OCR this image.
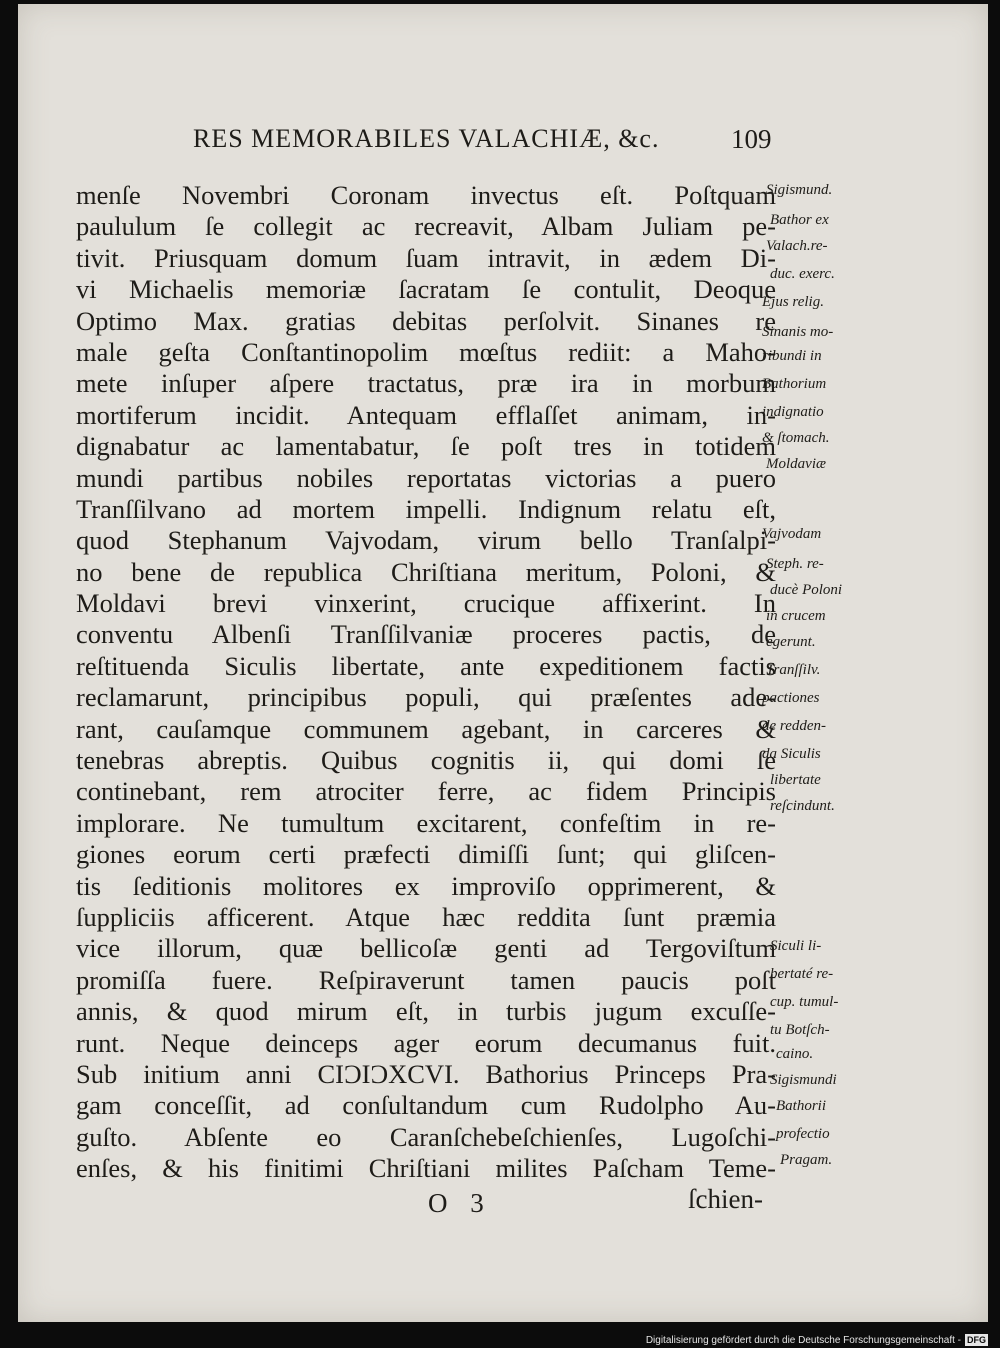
RES MEMORABILES VALACHIÆ, &c.	109
menſe Novembri Coronam invectus eſt. Poſtquam
paululum ſe collegit ac recreavit, Albam Juliam pe-
tivit. Priusquam domum ſuam intravit, in ædem Di-
vi Michaelis memoriæ ſacratam ſe contulit, Deoque
Optimo Max. gratias debitas perſolvit. Sinanes re
male geſta Conſtantinopolim mœſtus rediit: a Maho-
mete inſuper aſpere tractatus, præ ira in morbum
mortiferum incidit. Antequam efflaſſet animam, in-
dignabatur ac lamentabatur, ſe poſt tres in totidem
mundi partibus nobiles reportatas victorias a puero
Tranſſilvano ad mortem impelli. Indignum relatu eſt,
quod Stephanum Vajvodam, virum bello Tranſalpi-
no bene de republica Chriſtiana meritum, Poloni, &
Moldavi brevi vinxerint, crucique affixerint. In
conventu Albenſi Tranſſilvaniæ proceres pactis, de
reſtituenda Siculis libertate, ante expeditionem factis
reclamarunt, principibus populi, qui præſentes ade-
rant, cauſamque communem agebant, in carceres &
tenebras abreptis. Quibus cognitis ii, qui domi ſe
continebant, rem atrociter ferre, ac fidem Principis
implorare. Ne tumultum excitarent, confeſtim in re-
giones eorum certi præfecti dimiſſi ſunt; qui gliſcen-
tis ſeditionis molitores ex improviſo opprimerent, &
ſuppliciis afficerent. Atque hæc reddita ſunt præmia
vice illorum, quæ bellicoſæ genti ad Tergoviſtum
promiſſa fuere. Reſpiraverunt tamen paucis poſt
annis, & quod mirum eſt, in turbis jugum excuſſe-
runt. Neque deinceps ager eorum decumanus fuit.
Sub initium anni CIƆIƆXCVI. Bathorius Princeps Pra-
gam conceſſit, ad conſultandum cum Rudolpho Au-
guſto. Abſente eo Caranſchebeſchienſes, Lugoſchi-
enſes, & his finitimi Chriſtiani milites Paſcham Teme-
Sigismund.
Bathor ex
Valach.re-
duc. exerc.
Ejus relig.
Sinanis mo-
ribundi in
Bathorium
indignatio
& ſtomach.
Moldaviæ
Vajvodam
Steph. re-
ducè Poloni
in crucem
egerunt.
Tranſſilv.
pactiones
de redden-
da Siculis
libertate
reſcindunt.
Siculi li-
bertaté re-
cup. tumul-
tu Botſch-
caino.
Sigismundi
Bathorii
profectio
Pragam.
O 3	ſchien-
Digitalisierung gefördert durch die Deutsche Forschungsgemeinschaft - DFG
